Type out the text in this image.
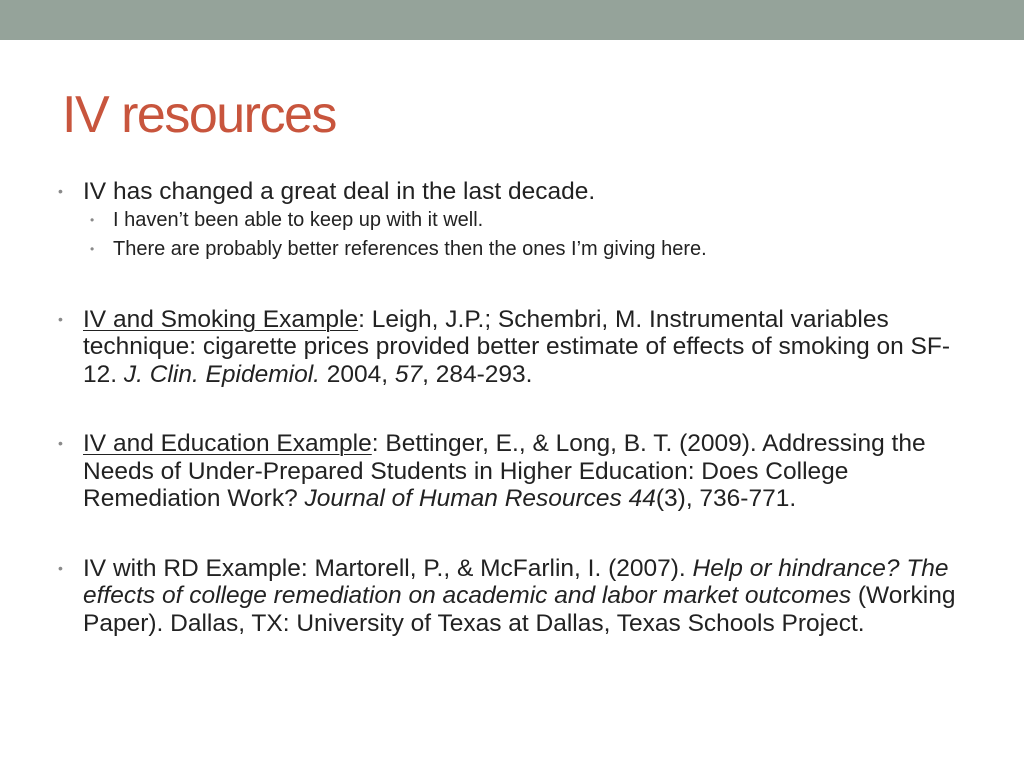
IV resources
• IV has changed a great deal in the last decade.
• I haven’t been able to keep up with it well.
• There are probably better references then the ones I’m giving here.
• IV and Smoking Example: Leigh, J.P.; Schembri, M. Instrumental variables technique: cigarette prices provided better estimate of effects of smoking on SF-12. J. Clin. Epidemiol. 2004, 57, 284-293.
• IV and Education Example: Bettinger, E., & Long, B. T. (2009). Addressing the Needs of Under-Prepared Students in Higher Education: Does College Remediation Work? Journal of Human Resources 44(3), 736-771.
• IV with RD Example: Martorell, P., & McFarlin, I. (2007). Help or hindrance? The effects of college remediation on academic and labor market outcomes (Working Paper). Dallas, TX: University of Texas at Dallas, Texas Schools Project.
